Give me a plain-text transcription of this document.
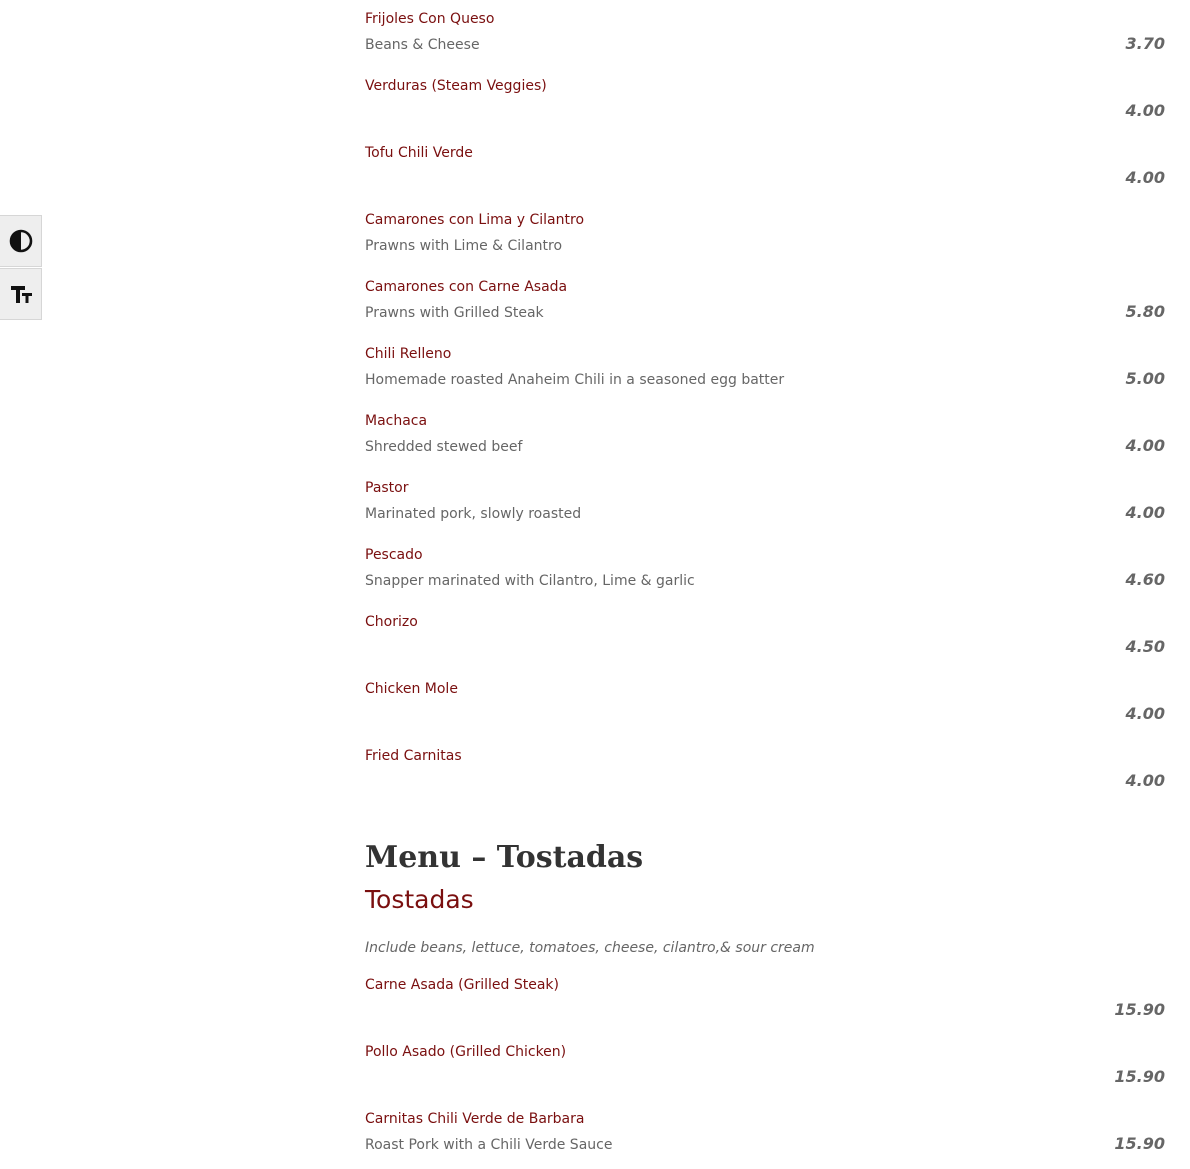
Frijoles Con Queso
Beans & Cheese	3.70
Verduras (Steam Veggies)
4.00
Tofu Chili Verde
4.00
Camarones con Lima y Cilantro
Prawns with Lime & Cilantro
Camarones con Carne Asada
Prawns with Grilled Steak	5.80
Chili Relleno
Homemade roasted Anaheim Chili in a seasoned egg batter	5.00
Machaca
Shredded stewed beef	4.00
Pastor
Marinated pork, slowly roasted	4.00
Pescado
Snapper marinated with Cilantro, Lime & garlic	4.60
Chorizo
4.50
Chicken Mole
4.00
Fried Carnitas
4.00
Menu – Tostadas
Tostadas
Include beans, lettuce, tomatoes, cheese, cilantro,& sour cream
Carne Asada (Grilled Steak)
15.90
Pollo Asado (Grilled Chicken)
15.90
Carnitas Chili Verde de Barbara
Roast Pork with a Chili Verde Sauce	15.90
